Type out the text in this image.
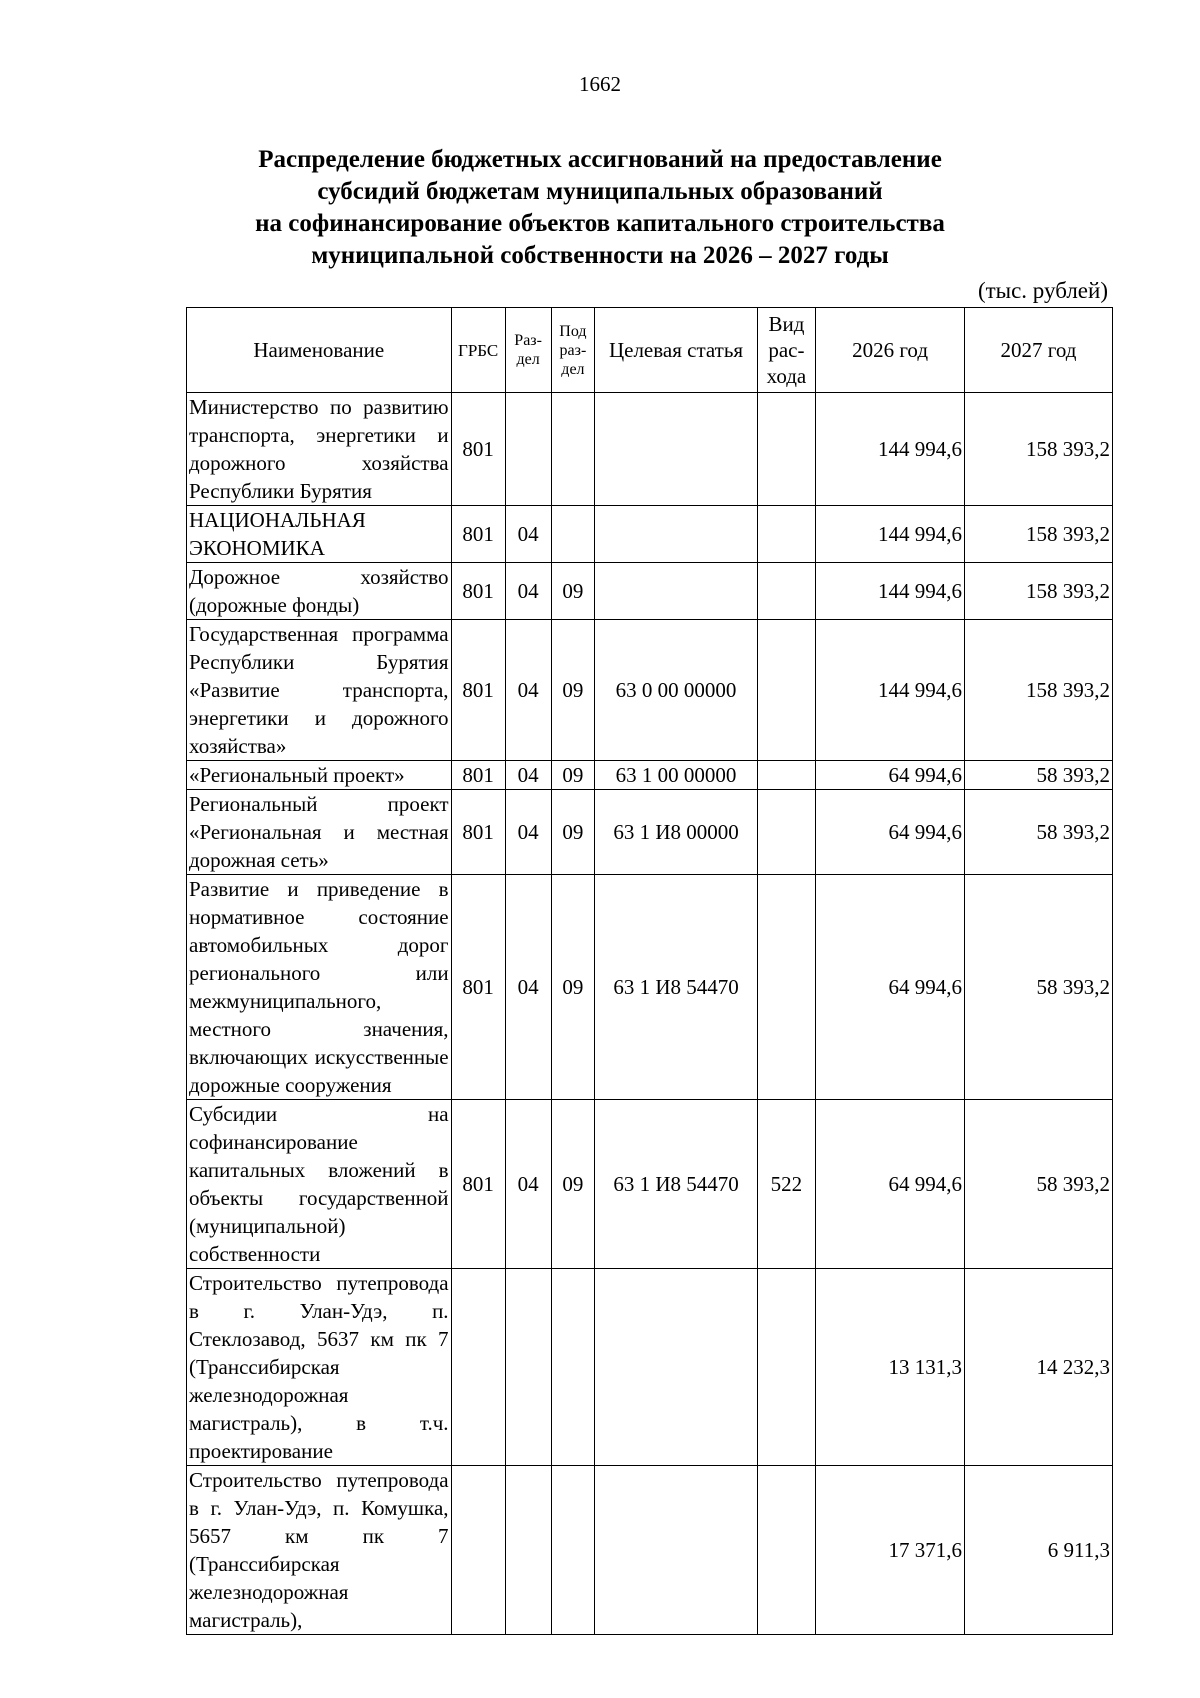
1662
Распределение бюджетных ассигнований на предоставление
субсидий бюджетам муниципальных образований
на софинансирование объектов капитального строительства
муниципальной собственности на 2026 – 2027 годы
(тыс. рублей)
Наименование	ГРБС	Раз-дел	Под раз-дел	Целевая статья	Вид рас-хода	2026 год	2027 год
Министерство по развитию транспорта, энергетики и дорожного хозяйства Республики Бурятия	801					144 994,6	158 393,2
НАЦИОНАЛЬНАЯ ЭКОНОМИКА	801	04				144 994,6	158 393,2
Дорожное хозяйство (дорожные фонды)	801	04	09			144 994,6	158 393,2
Государственная программа Республики Бурятия «Развитие транспорта, энергетики и дорожного хозяйства»	801	04	09	63 0 00 00000		144 994,6	158 393,2
«Региональный проект»	801	04	09	63 1 00 00000		64 994,6	58 393,2
Региональный проект «Региональная и местная дорожная сеть»	801	04	09	63 1 И8 00000		64 994,6	58 393,2
Развитие и приведение в нормативное состояние автомобильных дорог регионального или межмуниципального, местного значения, включающих искусственные дорожные сооружения	801	04	09	63 1 И8 54470		64 994,6	58 393,2
Субсидии на софинансирование капитальных вложений в объекты государственной (муниципальной) собственности	801	04	09	63 1 И8 54470	522	64 994,6	58 393,2
Строительство путепровода в г. Улан-Удэ, п. Стеклозавод, 5637 км пк 7 (Транссибирская железнодорожная магистраль), в т.ч. проектирование						13 131,3	14 232,3
Строительство путепровода в г. Улан-Удэ, п. Комушка, 5657 км пк 7 (Транссибирская железнодорожная магистраль),						17 371,6	6 911,3
